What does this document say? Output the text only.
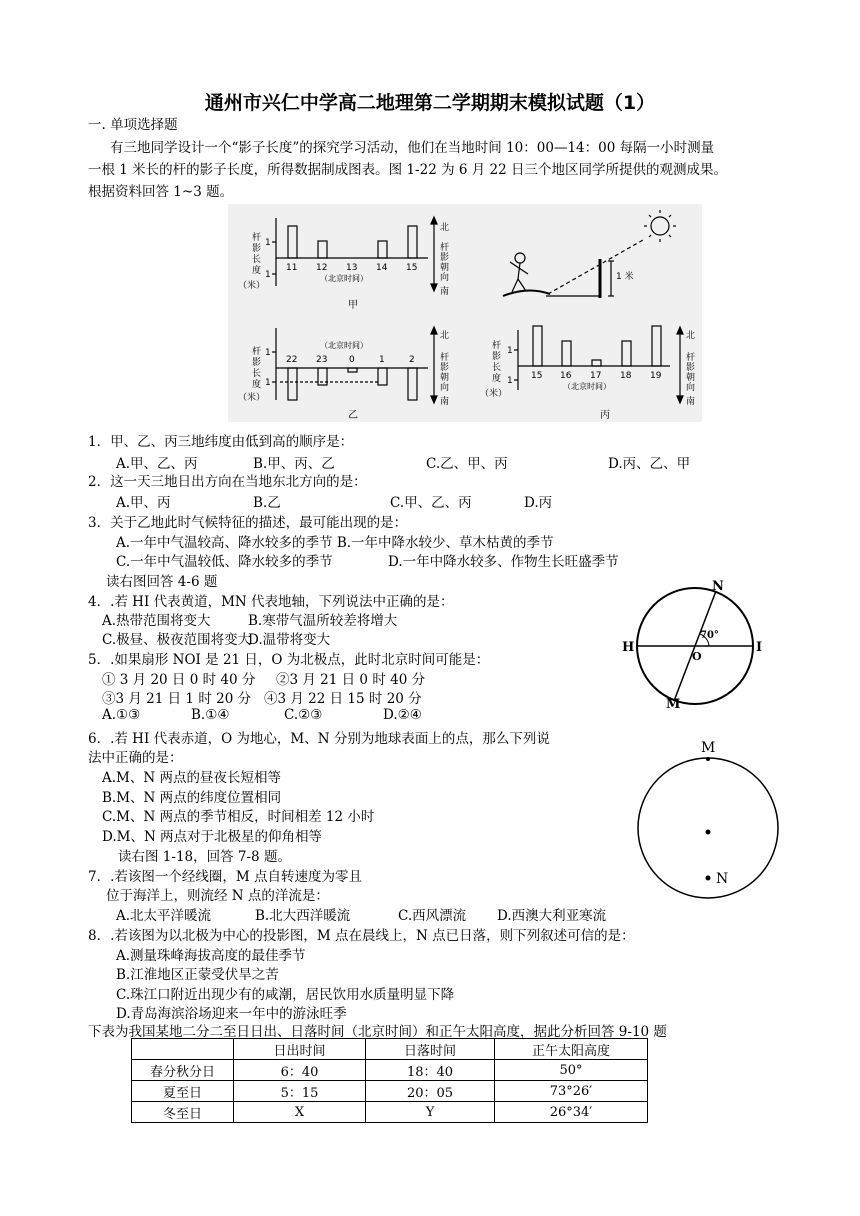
通州市兴仁中学高二地理第二学期期末模拟试题（1）
一. 单项选择题
有三地同学设计一个“影子长度”的探究学习活动，他们在当地时间 10：00—14：00 每隔一小时测量
一根 1 米长的杆的影子长度，所得数据制成图表。图 1-22 为 6 月 22 日三个地区同学所提供的观测成果。
根据资料回答 1~3 题。
杆
影
长
度
（米）
1
1
11 12 13 14 15
（北京时间）
北
杆
影
朝
向
南
甲
1 米
杆
影
长
度
（米）
1
1
（北京时间）
22 23 0	1	2
北
杆
影
朝
向
南
乙
杆
影
长
度
（米）
1
1 15 16 17 18 19
（北京时间）
北
杆
影
朝
向
南
丙
1．甲、乙、丙三地纬度由低到高的顺序是：
A.甲、乙、丙	B.甲、丙、乙	C.乙、甲、丙	D.丙、乙、甲
2．这一天三地日出方向在当地东北方向的是：
A.甲、丙	B.乙	C.甲、乙、丙	D.丙
3．关于乙地此时气候特征的描述，最可能出现的是：
A.一年中气温较高、降水较多的季节 B.一年中降水较少、草木枯黄的季节
C.一年中气温较低、降水较多的季节	D.一年中降水较多、作物生长旺盛季节
读右图回答 4-6 题
4．.若 HI 代表黄道，MN 代表地轴，下列说法中正确的是：
A.热带范围将变大	B.寒带气温所较差将增大
C.极昼、极夜范围将变大
D.温带将变大
5．.如果扇形 NOI 是 21 日，O 为北极点，此时北京时间可能是：
① 3 月 20 日 0 时 40 分 ②3 月 21 日 0 时 40 分
③3 月 21 日 1 时 20 分 ④3 月 22 日 15 时 20 分
A.①③	B.①④	C.②③	D.②④
6．.若 HI 代表赤道，O 为地心，M、N 分别为地球表面上的点，那么下列说
法中正确的是：
A.M、N 两点的昼夜长短相等
B.M、N 两点的纬度位置相同
C.M、N 两点的季节相反，时间相差 12 小时
D.M、N 两点对于北极星的仰角相等
读右图 1-18，回答 7-8 题。
7．.若该图一个经线圈，M 点自转速度为零且
位于海洋上，则流经 N 点的洋流是：
A.北太平洋暖流	B.北大西洋暖流	C.西风漂流 D.西澳大利亚寒流
8．.若该图为以北极为中心的投影图，M 点在晨线上，N 点已日落，则下列叙述可信的是：
A.测量珠峰海拔高度的最佳季节
B.江淮地区正蒙受伏旱之苦
C.珠江口附近出现少有的咸潮，居民饮用水质量明显下降
D.青岛海滨浴场迎来一年中的游泳旺季
下表为我国某地二分二至日日出、日落时间（北京时间）和正午太阳高度，据此分析回答 9-10 题
N
H	I
O
M
70°
M
N
	日出时间	日落时间	正午太阳高度
春分秋分日	6：40	18：40	50°
夏至日	5：15	20：05	73°26′
冬至日	X	Y	26°34′
